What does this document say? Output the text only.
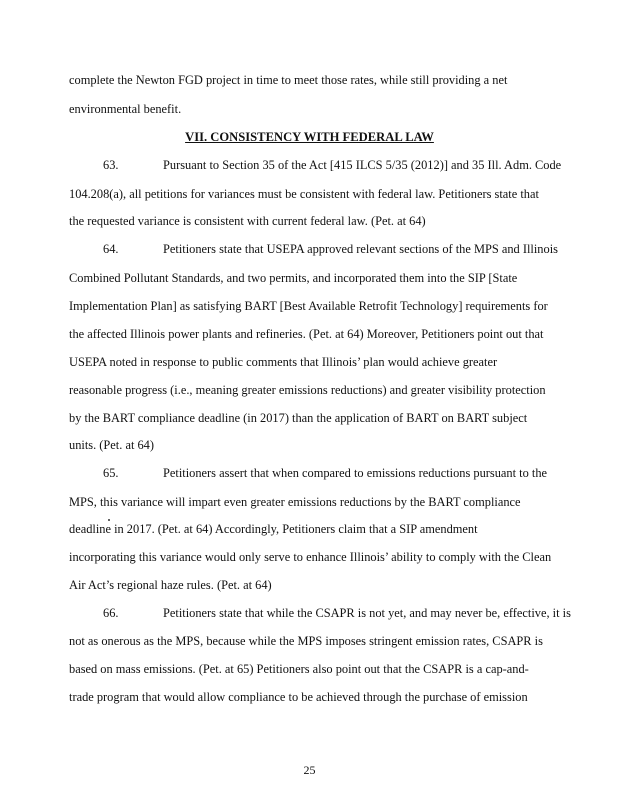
complete the Newton FGD project in time to meet those rates, while still providing a net
environmental benefit.
VII. CONSISTENCY WITH FEDERAL LAW
63.	Pursuant to Section 35 of the Act [415 ILCS 5/35 (2012)] and 35 Ill. Adm. Code
104.208(a), all petitions for variances must be consistent with federal law. Petitioners state that
the requested variance is consistent with current federal law. (Pet. at 64)
64.	Petitioners state that USEPA approved relevant sections of the MPS and Illinois
Combined Pollutant Standards, and two permits, and incorporated them into the SIP [State
Implementation Plan] as satisfying BART [Best Available Retrofit Technology] requirements for
the affected Illinois power plants and refineries. (Pet. at 64) Moreover, Petitioners point out that
USEPA noted in response to public comments that Illinois’ plan would achieve greater
reasonable progress (i.e., meaning greater emissions reductions) and greater visibility protection
by the BART compliance deadline (in 2017) than the application of BART on BART subject
units. (Pet. at 64)
65.	Petitioners assert that when compared to emissions reductions pursuant to the
MPS, this variance will impart even greater emissions reductions by the BART compliance
deadline in 2017. (Pet. at 64) Accordingly, Petitioners claim that a SIP amendment
incorporating this variance would only serve to enhance Illinois’ ability to comply with the Clean
Air Act’s regional haze rules. (Pet. at 64)
66.	Petitioners state that while the CSAPR is not yet, and may never be, effective, it is
not as onerous as the MPS, because while the MPS imposes stringent emission rates, CSAPR is
based on mass emissions. (Pet. at 65) Petitioners also point out that the CSAPR is a cap-and-
trade program that would allow compliance to be achieved through the purchase of emission
25
